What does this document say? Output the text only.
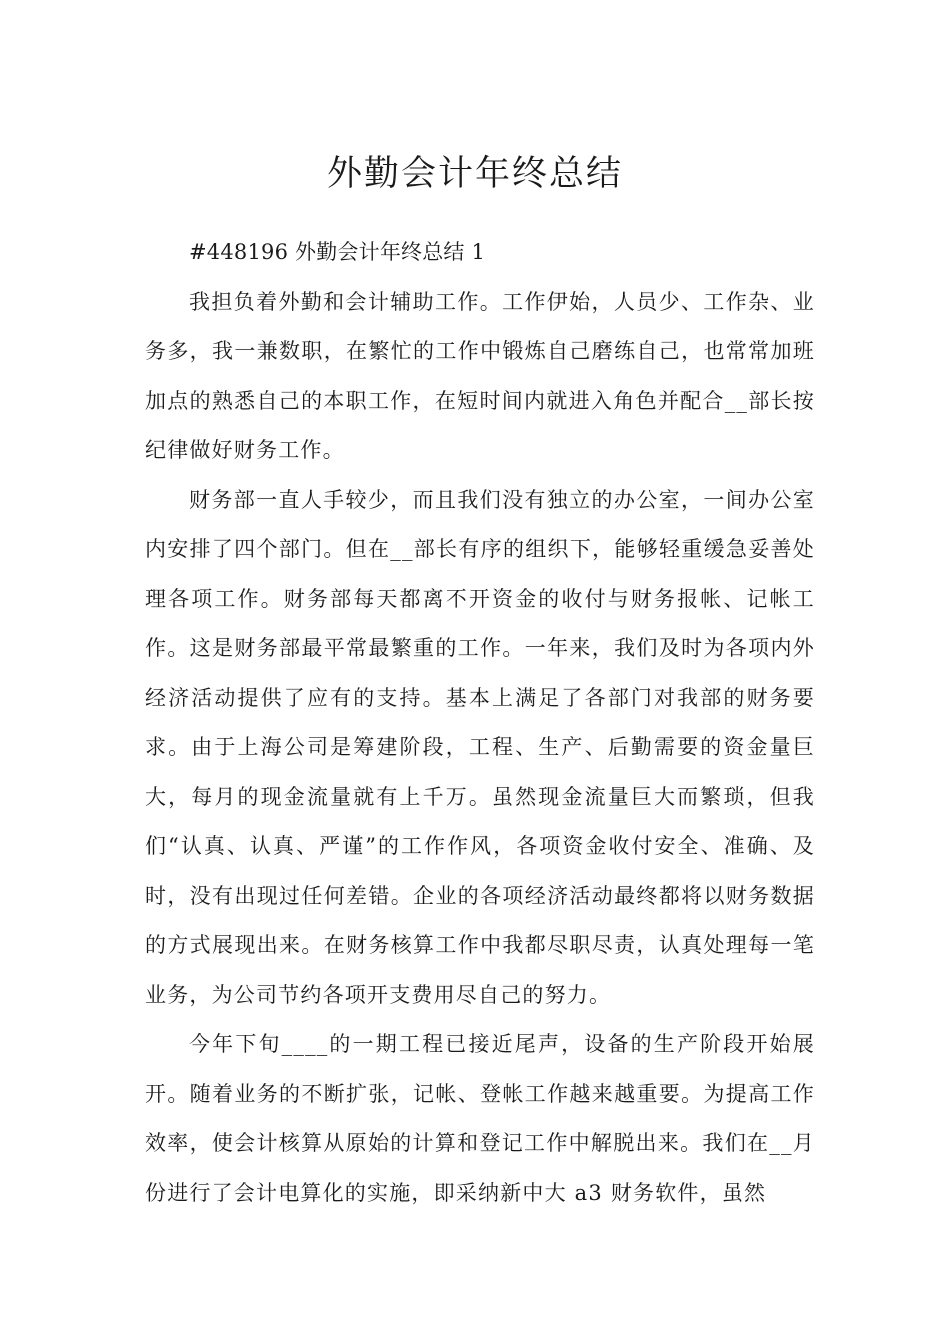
外勤会计年终总结

#448196 外勤会计年终总结 1

我担负着外勤和会计辅助工作。工作伊始，人员少、工作杂、业务多，我一兼数职，在繁忙的工作中锻炼自己磨练自己，也常常加班加点的熟悉自己的本职工作，在短时间内就进入角色并配合__部长按纪律做好财务工作。

财务部一直人手较少，而且我们没有独立的办公室，一间办公室内安排了四个部门。但在__部长有序的组织下，能够轻重缓急妥善处理各项工作。财务部每天都离不开资金的收付与财务报帐、记帐工作。这是财务部最平常最繁重的工作。一年来，我们及时为各项内外经济活动提供了应有的支持。基本上满足了各部门对我部的财务要求。由于上海公司是筹建阶段，工程、生产、后勤需要的资金量巨大，每月的现金流量就有上千万。虽然现金流量巨大而繁琐，但我们“认真、认真、严谨”的工作作风，各项资金收付安全、准确、及时，没有出现过任何差错。企业的各项经济活动最终都将以财务数据的方式展现出来。在财务核算工作中我都尽职尽责，认真处理每一笔业务，为公司节约各项开支费用尽自己的努力。

今年下旬____的一期工程已接近尾声，设备的生产阶段开始展开。随着业务的不断扩张，记帐、登帐工作越来越重要。为提高工作效率，使会计核算从原始的计算和登记工作中解脱出来。我们在__月份进行了会计电算化的实施，即采纳新中大 a3 财务软件，虽然
